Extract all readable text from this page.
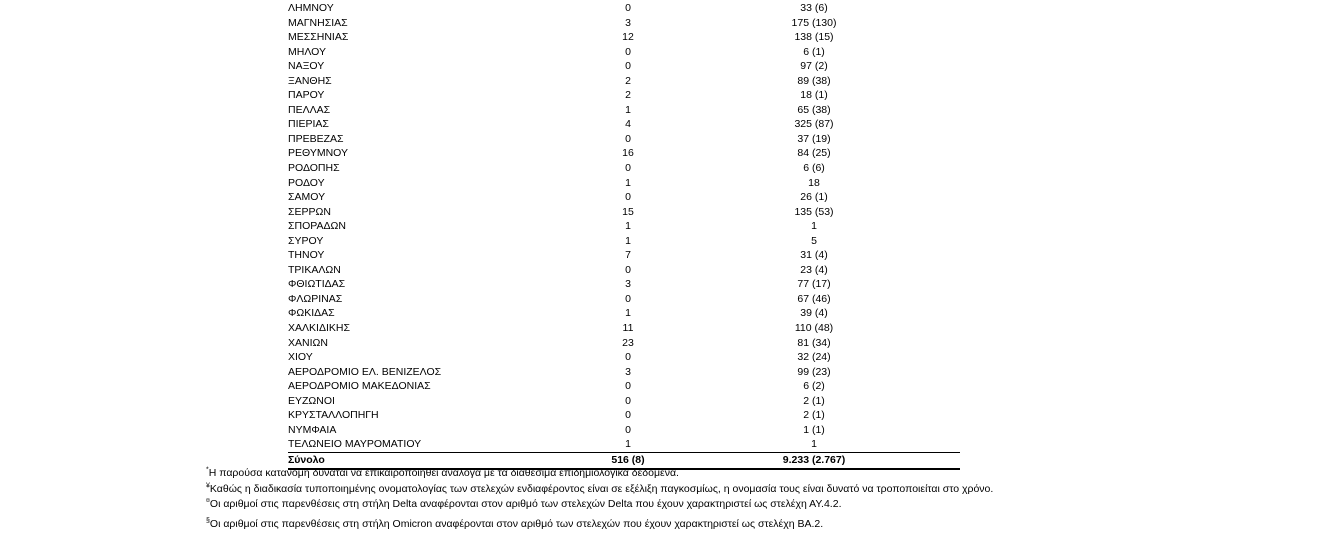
ΛΗΜΝΟΥ	0	33 (6)
ΜΑΓΝΗΣΙΑΣ	3	175 (130)
ΜΕΣΣΗΝΙΑΣ	12	138 (15)
ΜΗΛΟΥ	0	6 (1)
ΝΑΞΟΥ	0	97 (2)
ΞΑΝΘΗΣ	2	89 (38)
ΠΑΡΟΥ	2	18 (1)
ΠΕΛΛΑΣ	1	65 (38)
ΠΙΕΡΙΑΣ	4	325 (87)
ΠΡΕΒΕΖΑΣ	0	37 (19)
ΡΕΘΥΜΝΟΥ	16	84 (25)
ΡΟΔΟΠΗΣ	0	6 (6)
ΡΟΔΟΥ	1	18
ΣΑΜΟΥ	0	26 (1)
ΣΕΡΡΩΝ	15	135 (53)
ΣΠΟΡΑΔΩΝ	1	1
ΣΥΡΟΥ	1	5
ΤΗΝΟΥ	7	31 (4)
ΤΡΙΚΑΛΩΝ	0	23 (4)
ΦΘΙΩΤΙΔΑΣ	3	77 (17)
ΦΛΩΡΙΝΑΣ	0	67 (46)
ΦΩΚΙΔΑΣ	1	39 (4)
ΧΑΛΚΙΔΙΚΗΣ	11	110 (48)
ΧΑΝΙΩΝ	23	81 (34)
ΧΙΟΥ	0	32 (24)
ΑΕΡΟΔΡΟΜΙΟ ΕΛ. ΒΕΝΙΖΕΛΟΣ	3	99 (23)
ΑΕΡΟΔΡΟΜΙΟ ΜΑΚΕΔΟΝΙΑΣ	0	6 (2)
ΕΥΖΩΝΟΙ	0	2 (1)
ΚΡΥΣΤΑΛΛΟΠΗΓΗ	0	2 (1)
ΝΥΜΦΑΙΑ	0	1 (1)
ΤΕΛΩΝΕΙΟ ΜΑΥΡΟΜΑΤΙΟΥ	1	1
Σύνολο	516 (8)	9.233 (2.767)
*Η παρούσα κατανομή δύναται να επικαιροποιηθεί ανάλογα με τα διαθέσιμα επιδημιολογικά δεδομένα.
¥Καθώς η διαδικασία τυποποιημένης ονοματολογίας των στελεχών ενδιαφέροντος είναι σε εξέλιξη παγκοσμίως, η ονομασία τους είναι δυνατό να τροποποιείται στο χρόνο.
¤Οι αριθμοί στις παρενθέσεις στη στήλη Delta αναφέρονται στον αριθμό των στελεχών Delta που έχουν χαρακτηριστεί ως στελέχη ΑΥ.4.2.
§Οι αριθμοί στις παρενθέσεις στη στήλη Omicron αναφέρονται στον αριθμό των στελεχών που έχουν χαρακτηριστεί ως στελέχη ΒΑ.2.
